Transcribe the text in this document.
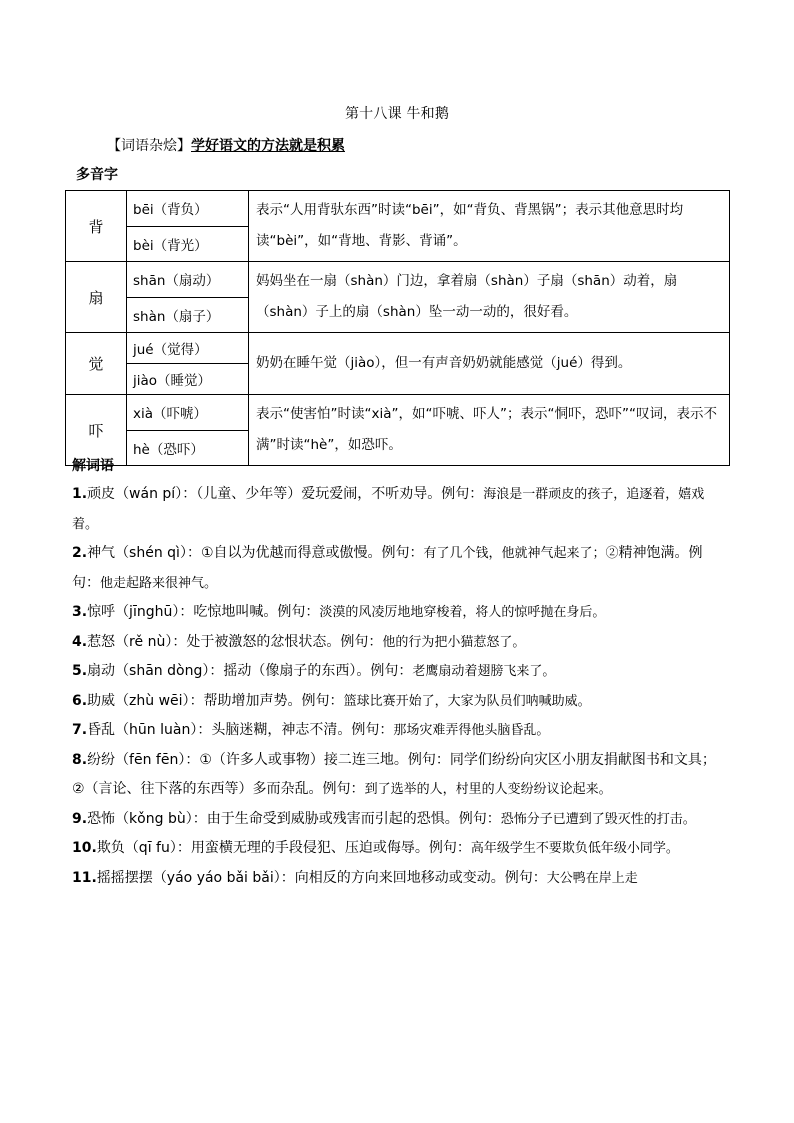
第十八课 牛和鹅
【词语杂烩】学好语文的方法就是积累
多音字
背	bēi（背负）	表示“人用背驮东西”时读“bēi”，如“背负、背黑锅”；表示其他意思时均读“bèi”，如“背地、背影、背诵”。
	bèi（背光）	
扇	shān（扇动）	妈妈坐在一扇（shàn）门边，拿着扇（shàn）子扇（shān）动着，扇（shàn）子上的扇（shàn）坠一动一动的，很好看。
	shàn（扇子）	
觉	jué（觉得）	奶奶在睡午觉（jiào），但一有声音奶奶就能感觉（jué）得到。
	jiào（睡觉）	
吓	xià（吓唬）	表示“使害怕”时读“xià”，如“吓唬、吓人”；表示“恫吓，恐吓”“叹词，表示不满”时读“hè”，如恐吓。
	hè（恐吓）	
解词语

1.顽皮（wán pí）：（儿童、少年等）爱玩爱闹，不听劝导。例句：海浪是一群顽皮的孩子，追逐着，嬉戏着。

2.神气（shén qì）：①自以为优越而得意或傲慢。例句：有了几个钱，他就神气起来了；②精神饱满。例句：他走起路来很神气。

3.惊呼（jīnghū）：吃惊地叫喊。例句：淡漠的风凌厉地地穿梭着，将人的惊呼抛在身后。

4.惹怒（rě nù）：处于被激怒的忿恨状态。例句：他的行为把小猫惹怒了。

5.扇动（shān dòng）：摇动（像扇子的东西）。例句：老鹰扇动着翅膀飞来了。

6.助威（zhù wēi）：帮助增加声势。例句：篮球比赛开始了，大家为队员们呐喊助威。

7.昏乱（hūn luàn）：头脑迷糊，神志不清。例句：那场灾难弄得他头脑昏乱。

8.纷纷（fēn fēn）：①（许多人或事物）接二连三地。例句：同学们纷纷向灾区小朋友捐献图书和文具；②（言论、往下落的东西等）多而杂乱。例句：到了选举的人，村里的人变纷纷议论起来。

9.恐怖（kǒng bù）：由于生命受到威胁或残害而引起的恐惧。例句：恐怖分子已遭到了毁灭性的打击。

10.欺负（qī fu）：用蛮横无理的手段侵犯、压迫或侮辱。例句：高年级学生不要欺负低年级小同学。

11.摇摇摆摆（yáo yáo bǎi bǎi）：向相反的方向来回地移动或变动。例句：大公鸭在岸上走
